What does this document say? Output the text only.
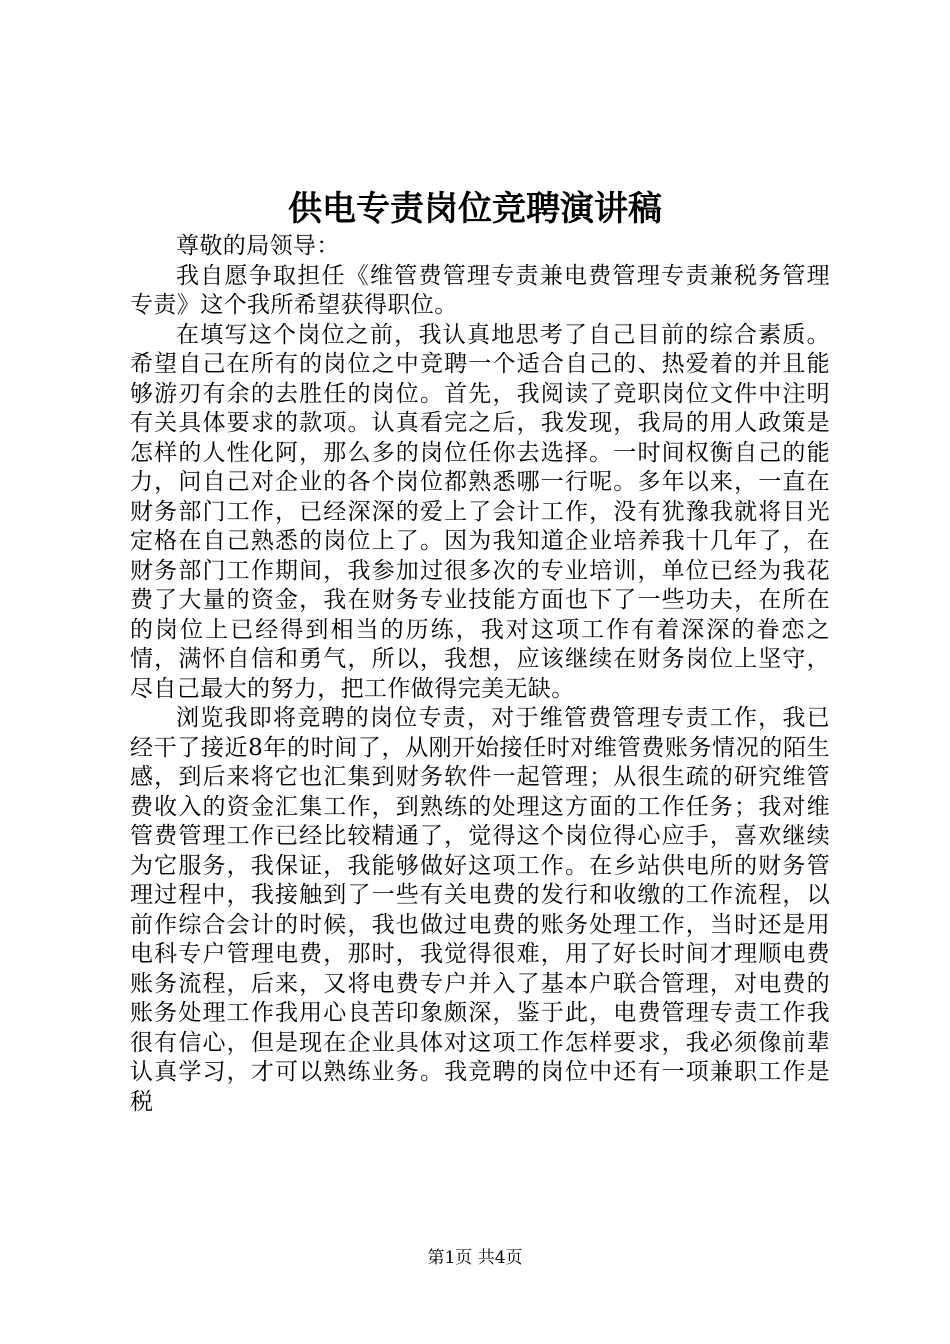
供电专责岗位竞聘演讲稿

尊敬的局领导：

我自愿争取担任《维管费管理专责兼电费管理专责兼税务管理专责》这个我所希望获得职位。

在填写这个岗位之前，我认真地思考了自己目前的综合素质。希望自己在所有的岗位之中竞聘一个适合自己的、热爱着的并且能够游刃有余的去胜任的岗位。首先，我阅读了竞职岗位文件中注明有关具体要求的款项。认真看完之后，我发现，我局的用人政策是怎样的人性化阿，那么多的岗位任你去选择。一时间权衡自己的能力，问自己对企业的各个岗位都熟悉哪一行呢。多年以来，一直在财务部门工作，已经深深的爱上了会计工作，没有犹豫我就将目光定格在自己熟悉的岗位上了。因为我知道企业培养我十几年了，在财务部门工作期间，我参加过很多次的专业培训，单位已经为我花费了大量的资金，我在财务专业技能方面也下了一些功夫，在所在的岗位上已经得到相当的历练，我对这项工作有着深深的眷恋之情，满怀自信和勇气，所以，我想，应该继续在财务岗位上坚守，尽自己最大的努力，把工作做得完美无缺。

浏览我即将竞聘的岗位专责，对于维管费管理专责工作，我已经干了接近8年的时间了，从刚开始接任时对维管费账务情况的陌生感，到后来将它也汇集到财务软件一起管理；从很生疏的研究维管费收入的资金汇集工作，到熟练的处理这方面的工作任务；我对维管费管理工作已经比较精通了，觉得这个岗位得心应手，喜欢继续为它服务，我保证，我能够做好这项工作。在乡站供电所的财务管理过程中，我接触到了一些有关电费的发行和收缴的工作流程，以前作综合会计的时候，我也做过电费的账务处理工作，当时还是用电科专户管理电费，那时，我觉得很难，用了好长时间才理顺电费账务流程，后来，又将电费专户并入了基本户联合管理，对电费的账务处理工作我用心良苦印象颇深，鉴于此，电费管理专责工作我很有信心，但是现在企业具体对这项工作怎样要求，我必须像前辈认真学习，才可以熟练业务。我竞聘的岗位中还有一项兼职工作是税

第1页 共4页
